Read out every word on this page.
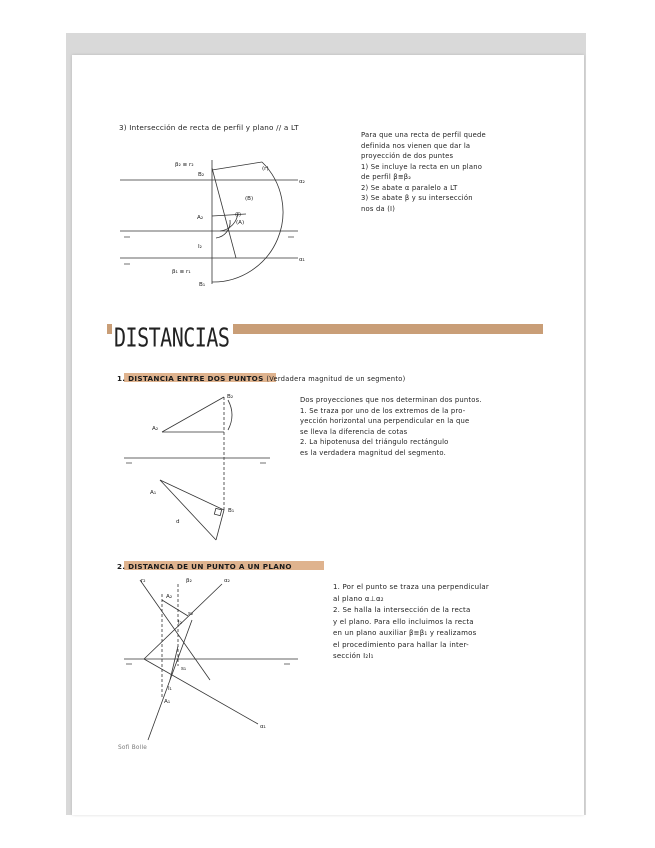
3) Intersección de recta de perfil y plano // a LT
Para que una recta de perfil quede
definida nos vienen que dar la
proyección de dos puntes
1) Se incluye la recta en un plano
de perfil β≡β₂
2) Se abate α paralelo a LT
3) Se abate β y su intersección
nos da (I)
β₂ ≡ r₂
B₂
α₂
(r)
(B)
A₂	(I)
(A)
I₂
β₁ ≡ r₁
B₁
α₁
DISTANCIAS
1. DISTANCIA ENTRE DOS PUNTOS (Verdadera magnitud de un segmento)
Dos proyecciones que nos determinan dos puntos.
1. Se traza por uno de los extremos de la pro-
yección horizontal una perpendicular en la que
se lleva la diferencia de cotas
2. La hipotenusa del triángulo rectángulo
es la verdadera magnitud del segmento.
B₂
A₂
A₁
B₁
d
2. DISTANCIA DE UN PUNTO A UN PLANO
1. Por el punto se traza una perpendicular
al plano α⊥α₂
2. Se halla la intersección de la recta
y el plano. Para ello incluimos la recta
en un plano auxiliar β≡β₁ y realizamos
el procedimiento para hallar la inter-
sección I₂I₁
r₂	β₂	α₂
A₂
s₂
I₂
s₁
I₁
A₁
α₁
Sofi Bolle
